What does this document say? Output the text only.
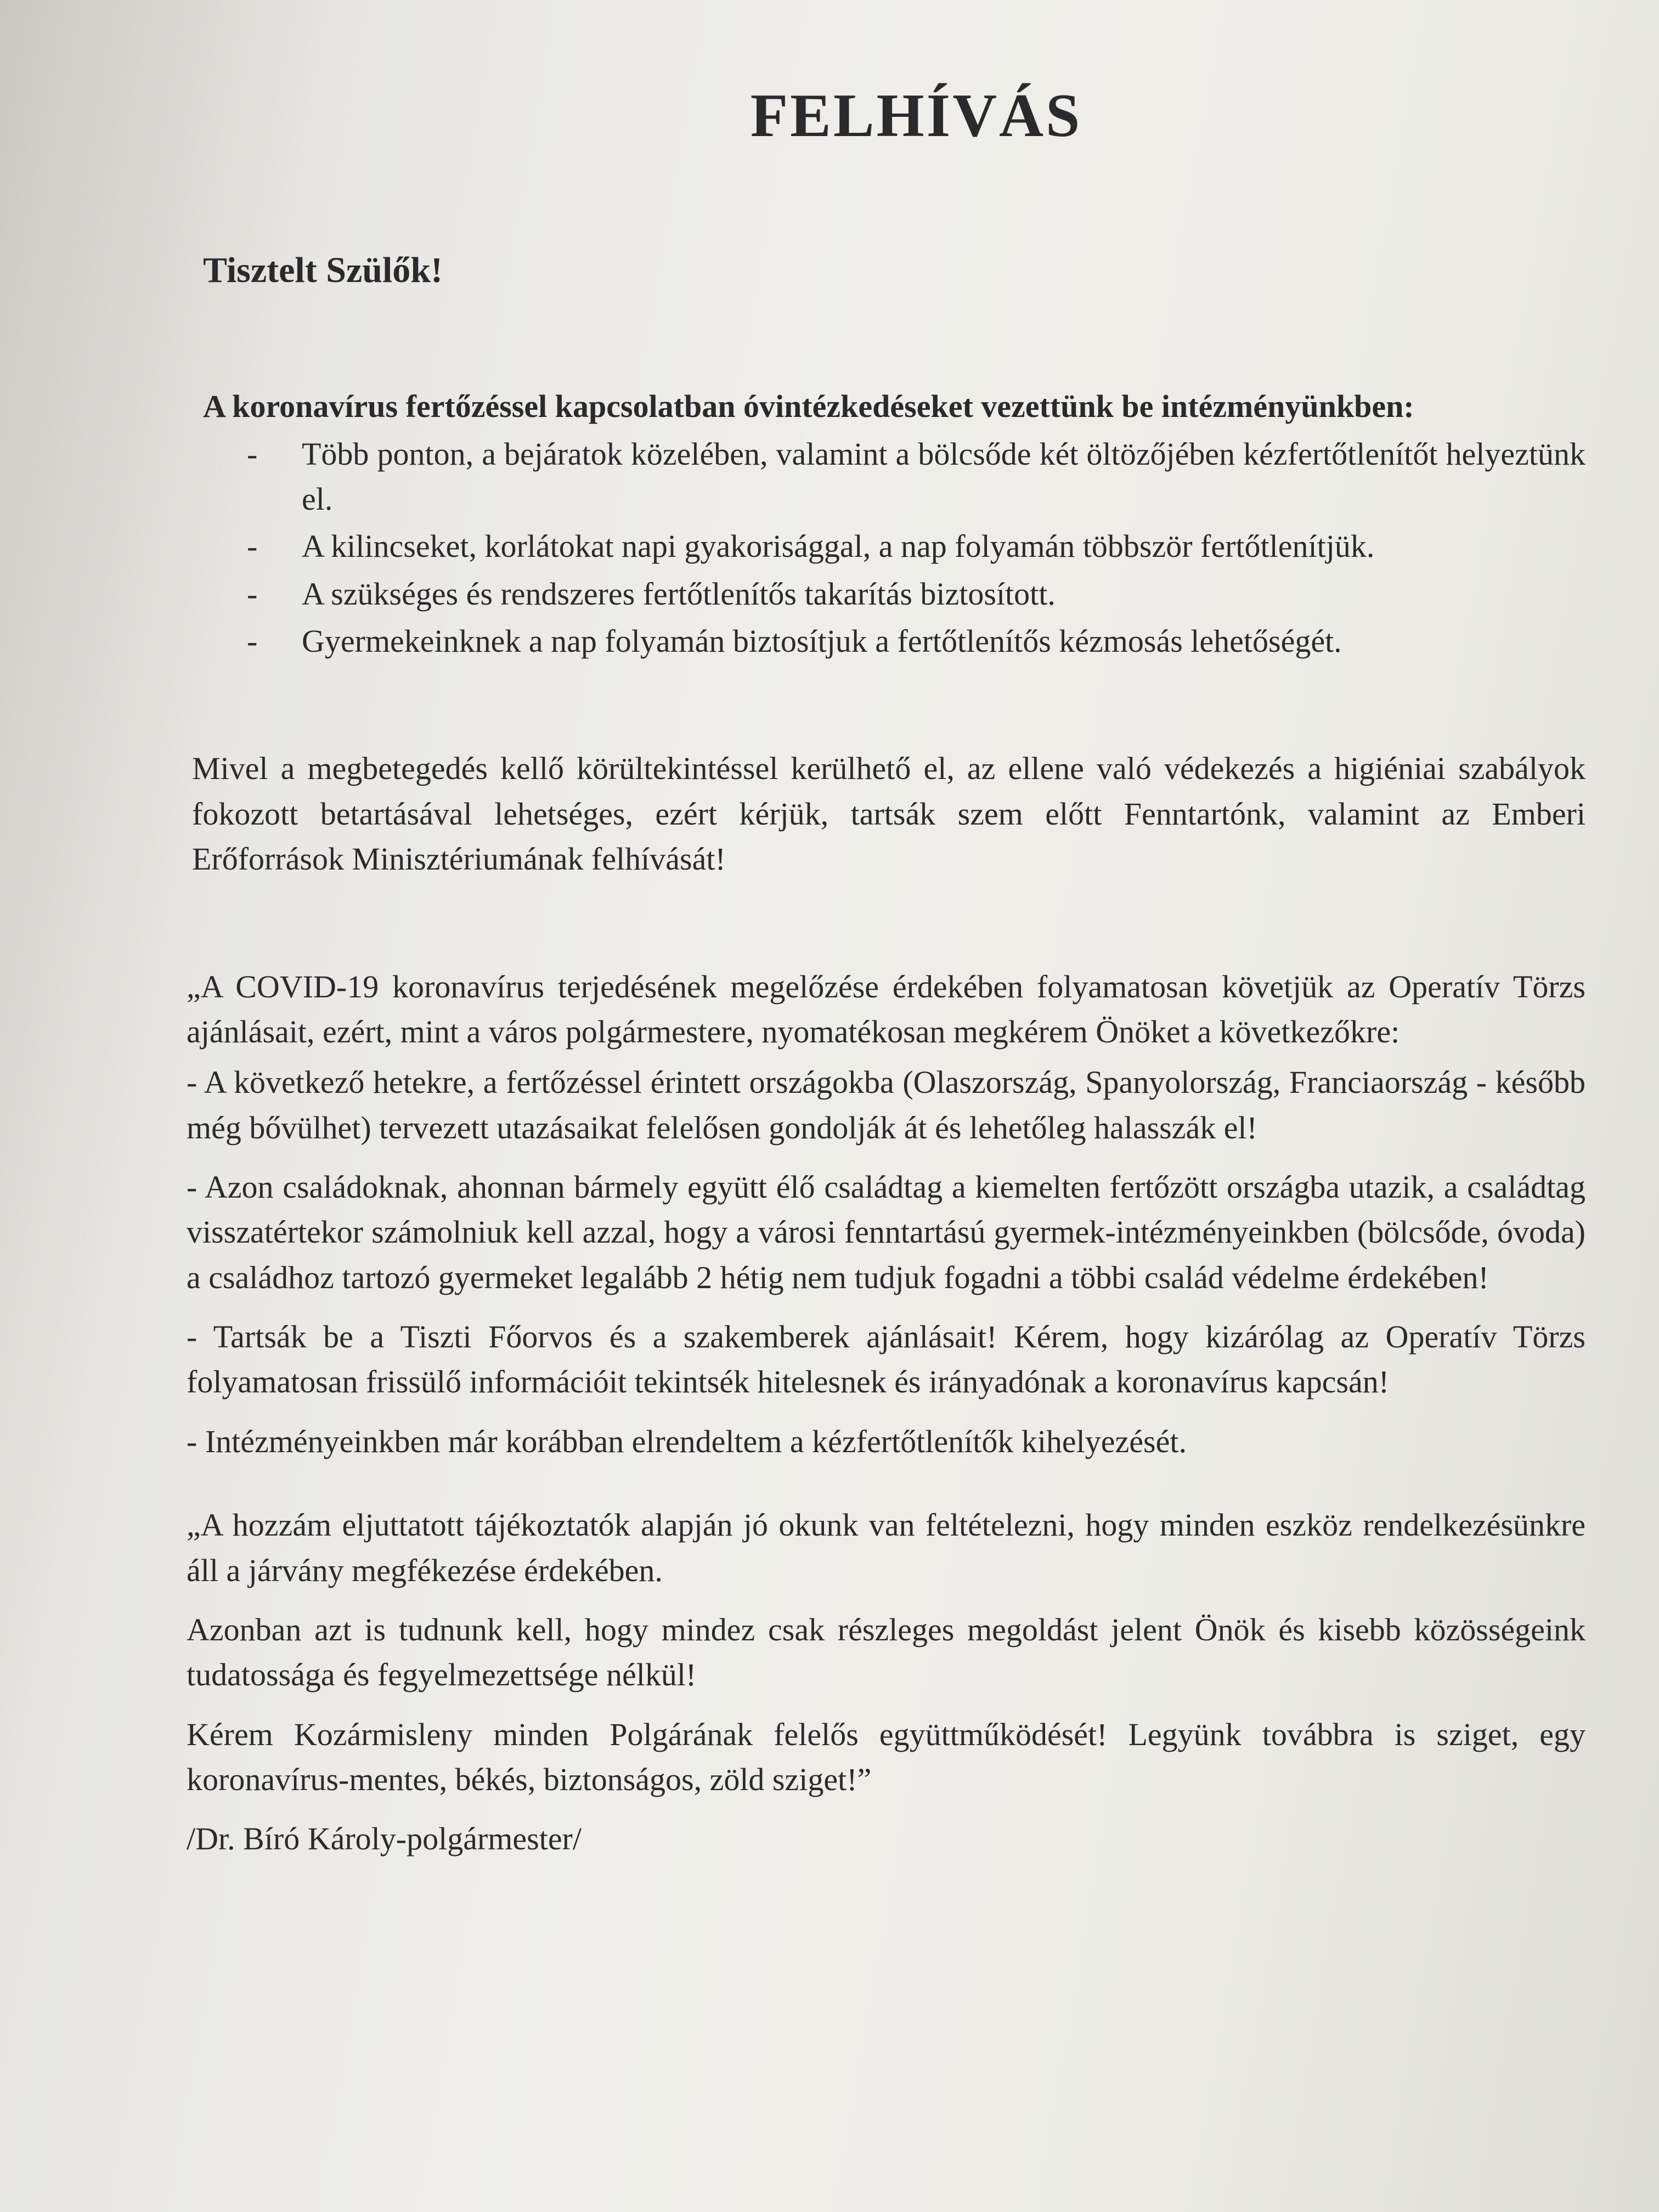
FELHÍVÁS

Tisztelt Szülők!

A koronavírus fertőzéssel kapcsolatban óvintézkedéseket vezettünk be intézményünkben:

- Több ponton, a bejáratok közelében, valamint a bölcsőde két öltözőjében kézfertőtlenítőt helyeztünk el.
- A kilincseket, korlátokat napi gyakorisággal, a nap folyamán többször fertőtlenítjük.
- A szükséges és rendszeres fertőtlenítős takarítás biztosított.
- Gyermekeinknek a nap folyamán biztosítjuk a fertőtlenítős kézmosás lehetőségét.

Mivel a megbetegedés kellő körültekintéssel kerülhető el, az ellene való védekezés a higiéniai szabályok fokozott betartásával lehetséges, ezért kérjük, tartsák szem előtt Fenntartónk, valamint az Emberi Erőforrások Minisztériumának felhívását!

„A COVID-19 koronavírus terjedésének megelőzése érdekében folyamatosan követjük az Operatív Törzs ajánlásait, ezért, mint a város polgármestere, nyomatékosan megkérem Önöket a következőkre:

- A következő hetekre, a fertőzéssel érintett országokba (Olaszország, Spanyolország, Franciaország - később még bővülhet) tervezett utazásaikat felelősen gondolják át és lehetőleg halasszák el!

- Azon családoknak, ahonnan bármely együtt élő családtag a kiemelten fertőzött országba utazik, a családtag visszatértekor számolniuk kell azzal, hogy a városi fenntartású gyermek-intézményeinkben (bölcsőde, óvoda) a családhoz tartozó gyermeket legalább 2 hétig nem tudjuk fogadni a többi család védelme érdekében!

- Tartsák be a Tiszti Főorvos és a szakemberek ajánlásait! Kérem, hogy kizárólag az Operatív Törzs folyamatosan frissülő információit tekintsék hitelesnek és irányadónak a koronavírus kapcsán!

- Intézményeinkben már korábban elrendeltem a kézfertőtlenítők kihelyezését.

„A hozzám eljuttatott tájékoztatók alapján jó okunk van feltételezni, hogy minden eszköz rendelkezésünkre áll a járvány megfékezése érdekében.

Azonban azt is tudnunk kell, hogy mindez csak részleges megoldást jelent Önök és kisebb közösségeink tudatossága és fegyelmezettsége nélkül!

Kérem Kozármisleny minden Polgárának felelős együttműködését! Legyünk továbbra is sziget, egy koronavírus-mentes, békés, biztonságos, zöld sziget!”

/Dr. Bíró Károly-polgármester/
